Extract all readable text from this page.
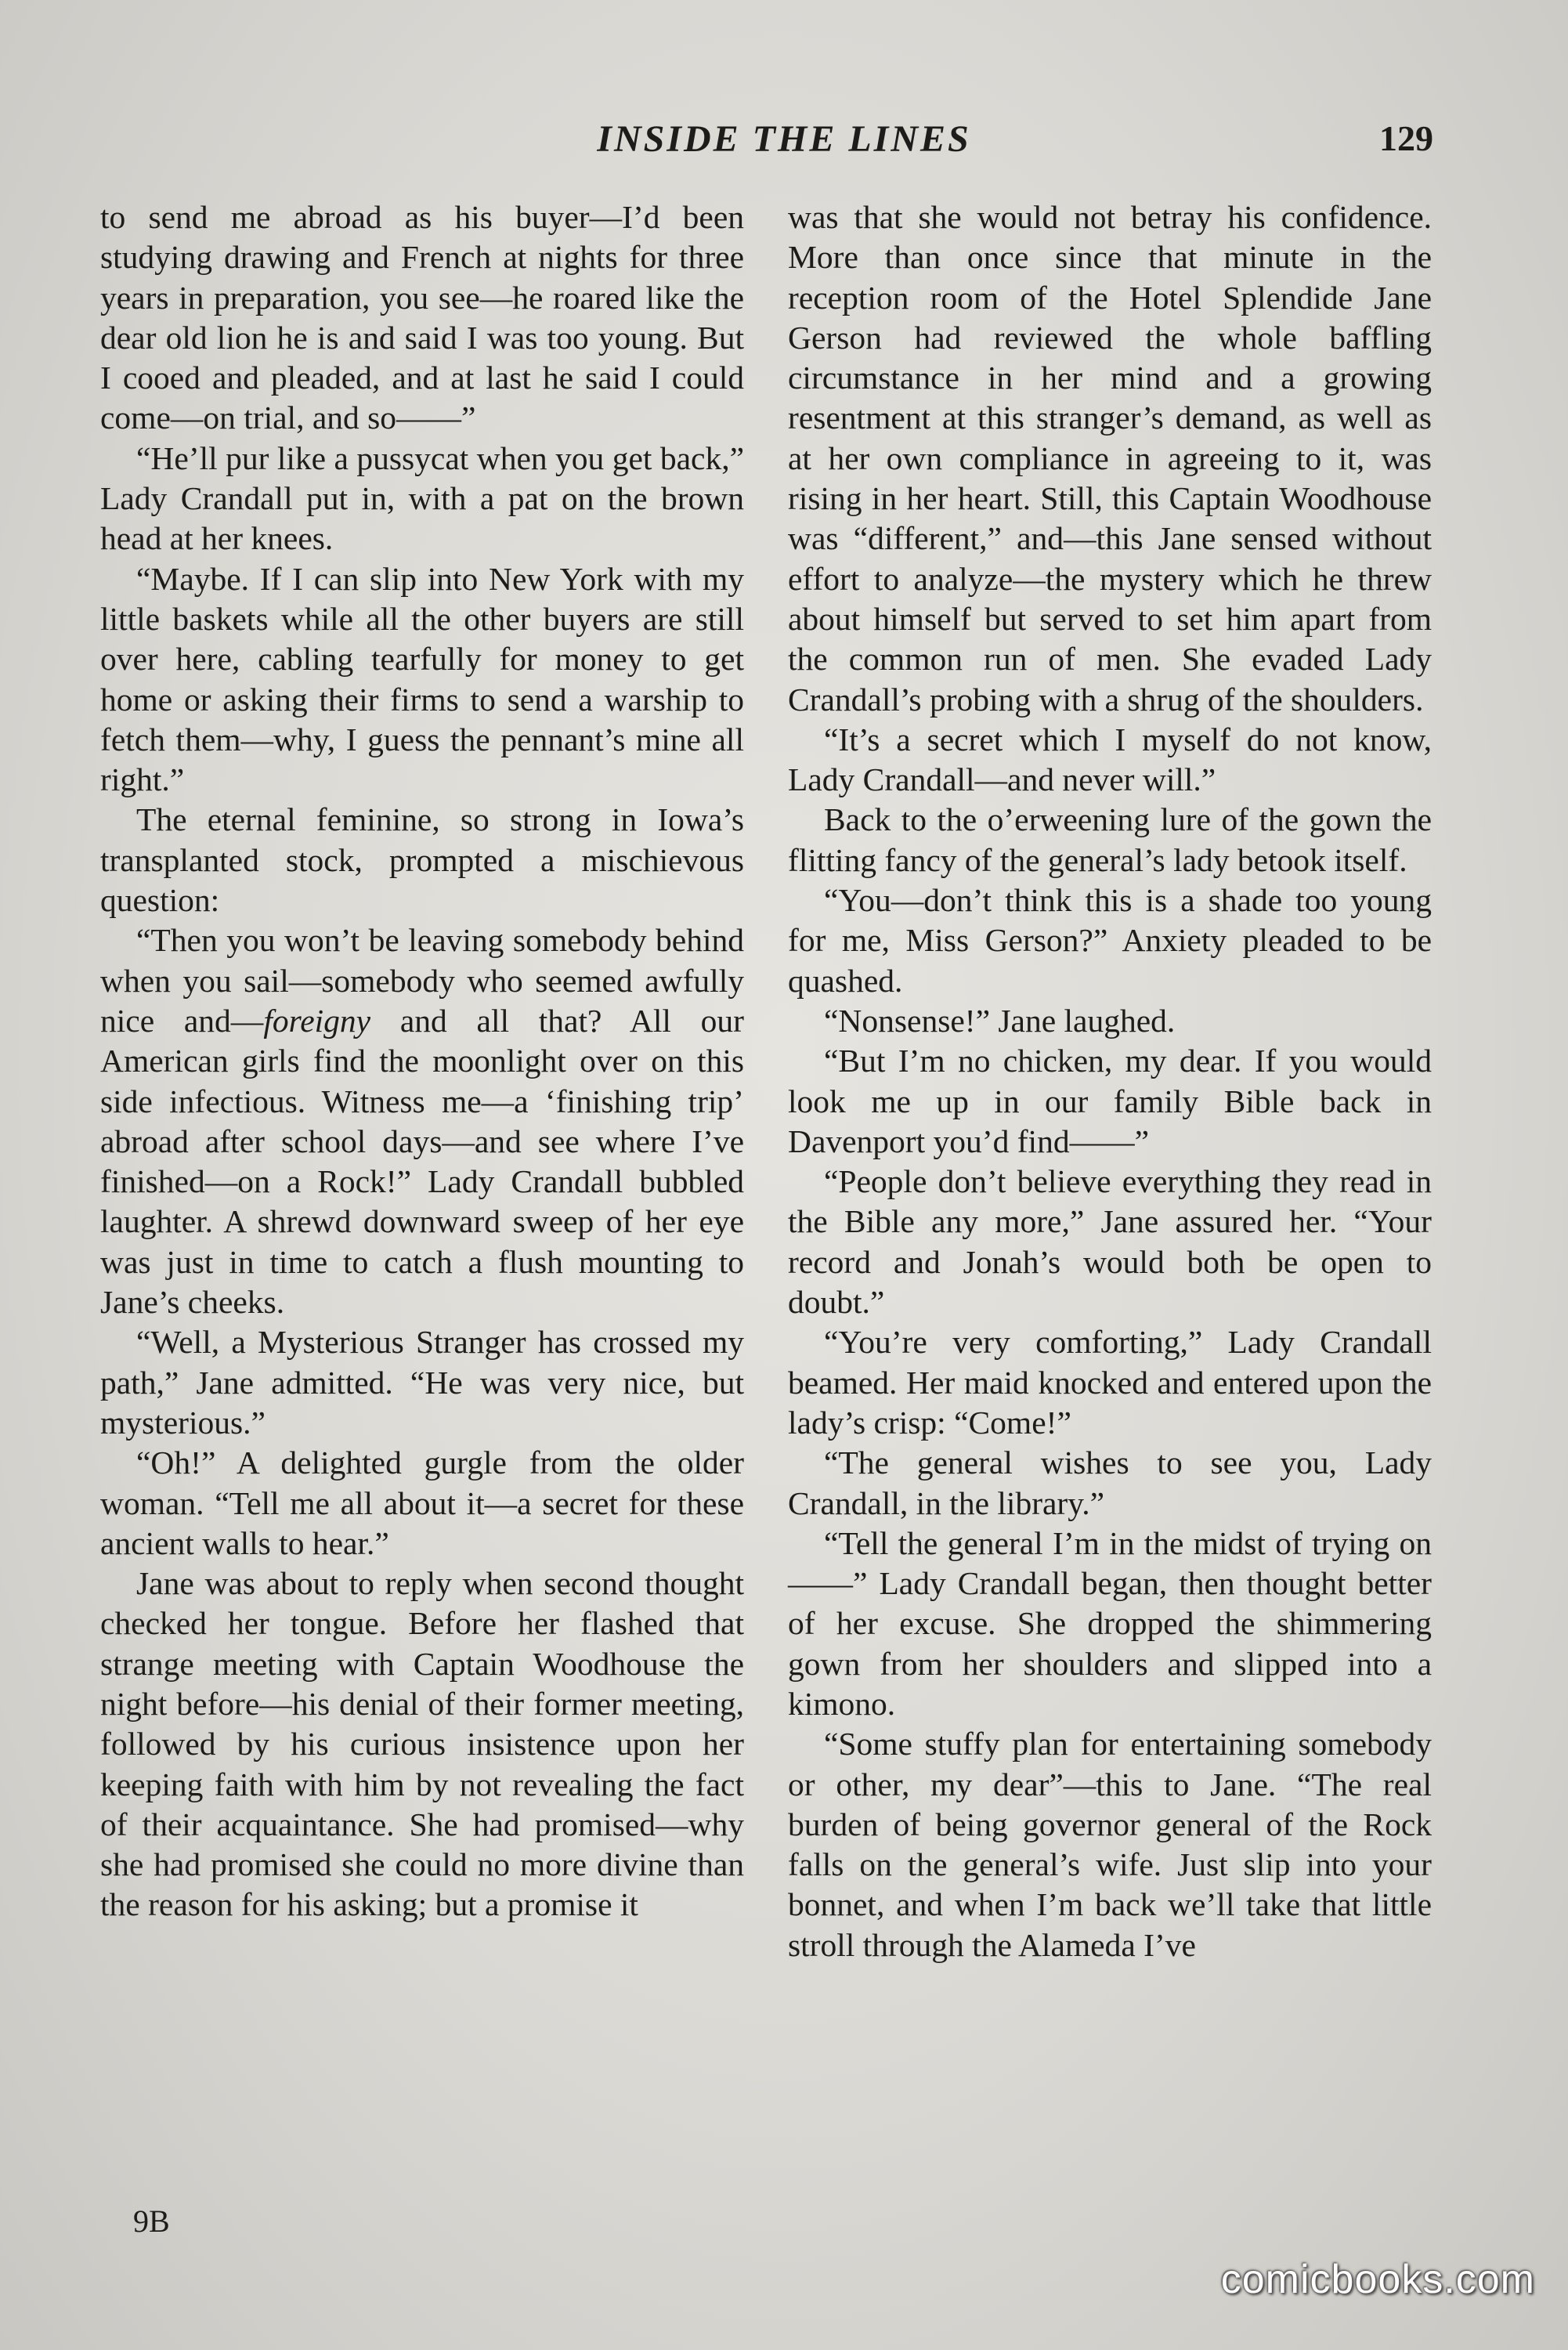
INSIDE THE LINES	129

to send me abroad as his buyer—I’d been studying drawing and French at nights for three years in preparation, you see—he roared like the dear old lion he is and said I was too young. But I cooed and pleaded, and at last he said I could come—on trial, and so——”

“He’ll pur like a pussycat when you get back,” Lady Crandall put in, with a pat on the brown head at her knees.

“Maybe. If I can slip into New York with my little baskets while all the other buyers are still over here, cabling tearfully for money to get home or asking their firms to send a warship to fetch them—why, I guess the pennant’s mine all right.”

The eternal feminine, so strong in Iowa’s transplanted stock, prompted a mischievous question:

“Then you won’t be leaving somebody behind when you sail—somebody who seemed awfully nice and—foreigny and all that? All our American girls find the moonlight over on this side infectious. Witness me—a ‘finishing trip’ abroad after school days—and see where I’ve finished—on a Rock!” Lady Crandall bubbled laughter. A shrewd downward sweep of her eye was just in time to catch a flush mounting to Jane’s cheeks.

“Well, a Mysterious Stranger has crossed my path,” Jane admitted. “He was very nice, but mysterious.”

“Oh!” A delighted gurgle from the older woman. “Tell me all about it—a secret for these ancient walls to hear.”

Jane was about to reply when second thought checked her tongue. Before her flashed that strange meeting with Captain Woodhouse the night before—his denial of their former meeting, followed by his curious insistence upon her keeping faith with him by not revealing the fact of their acquaintance. She had promised—why she had promised she could no more divine than the reason for his asking; but a promise it

was that she would not betray his confidence. More than once since that minute in the reception room of the Hotel Splendide Jane Gerson had reviewed the whole baffling circumstance in her mind and a growing resentment at this stranger’s demand, as well as at her own compliance in agreeing to it, was rising in her heart. Still, this Captain Woodhouse was “different,” and—this Jane sensed without effort to analyze—the mystery which he threw about himself but served to set him apart from the common run of men. She evaded Lady Crandall’s probing with a shrug of the shoulders.

“It’s a secret which I myself do not know, Lady Crandall—and never will.”

Back to the o’erweening lure of the gown the flitting fancy of the general’s lady betook itself.

“You—don’t think this is a shade too young for me, Miss Gerson?” Anxiety pleaded to be quashed.

“Nonsense!” Jane laughed.

“But I’m no chicken, my dear. If you would look me up in our family Bible back in Davenport you’d find——”

“People don’t believe everything they read in the Bible any more,” Jane assured her. “Your record and Jonah’s would both be open to doubt.”

“You’re very comforting,” Lady Crandall beamed. Her maid knocked and entered upon the lady’s crisp: “Come!”

“The general wishes to see you, Lady Crandall, in the library.”

“Tell the general I’m in the midst of trying on——” Lady Crandall began, then thought better of her excuse. She dropped the shimmering gown from her shoulders and slipped into a kimono.

“Some stuffy plan for entertaining somebody or other, my dear”—this to Jane. “The real burden of being governor general of the Rock falls on the general’s wife. Just slip into your bonnet, and when I’m back we’ll take that little stroll through the Alameda I’ve

9B
comicbooks.com
